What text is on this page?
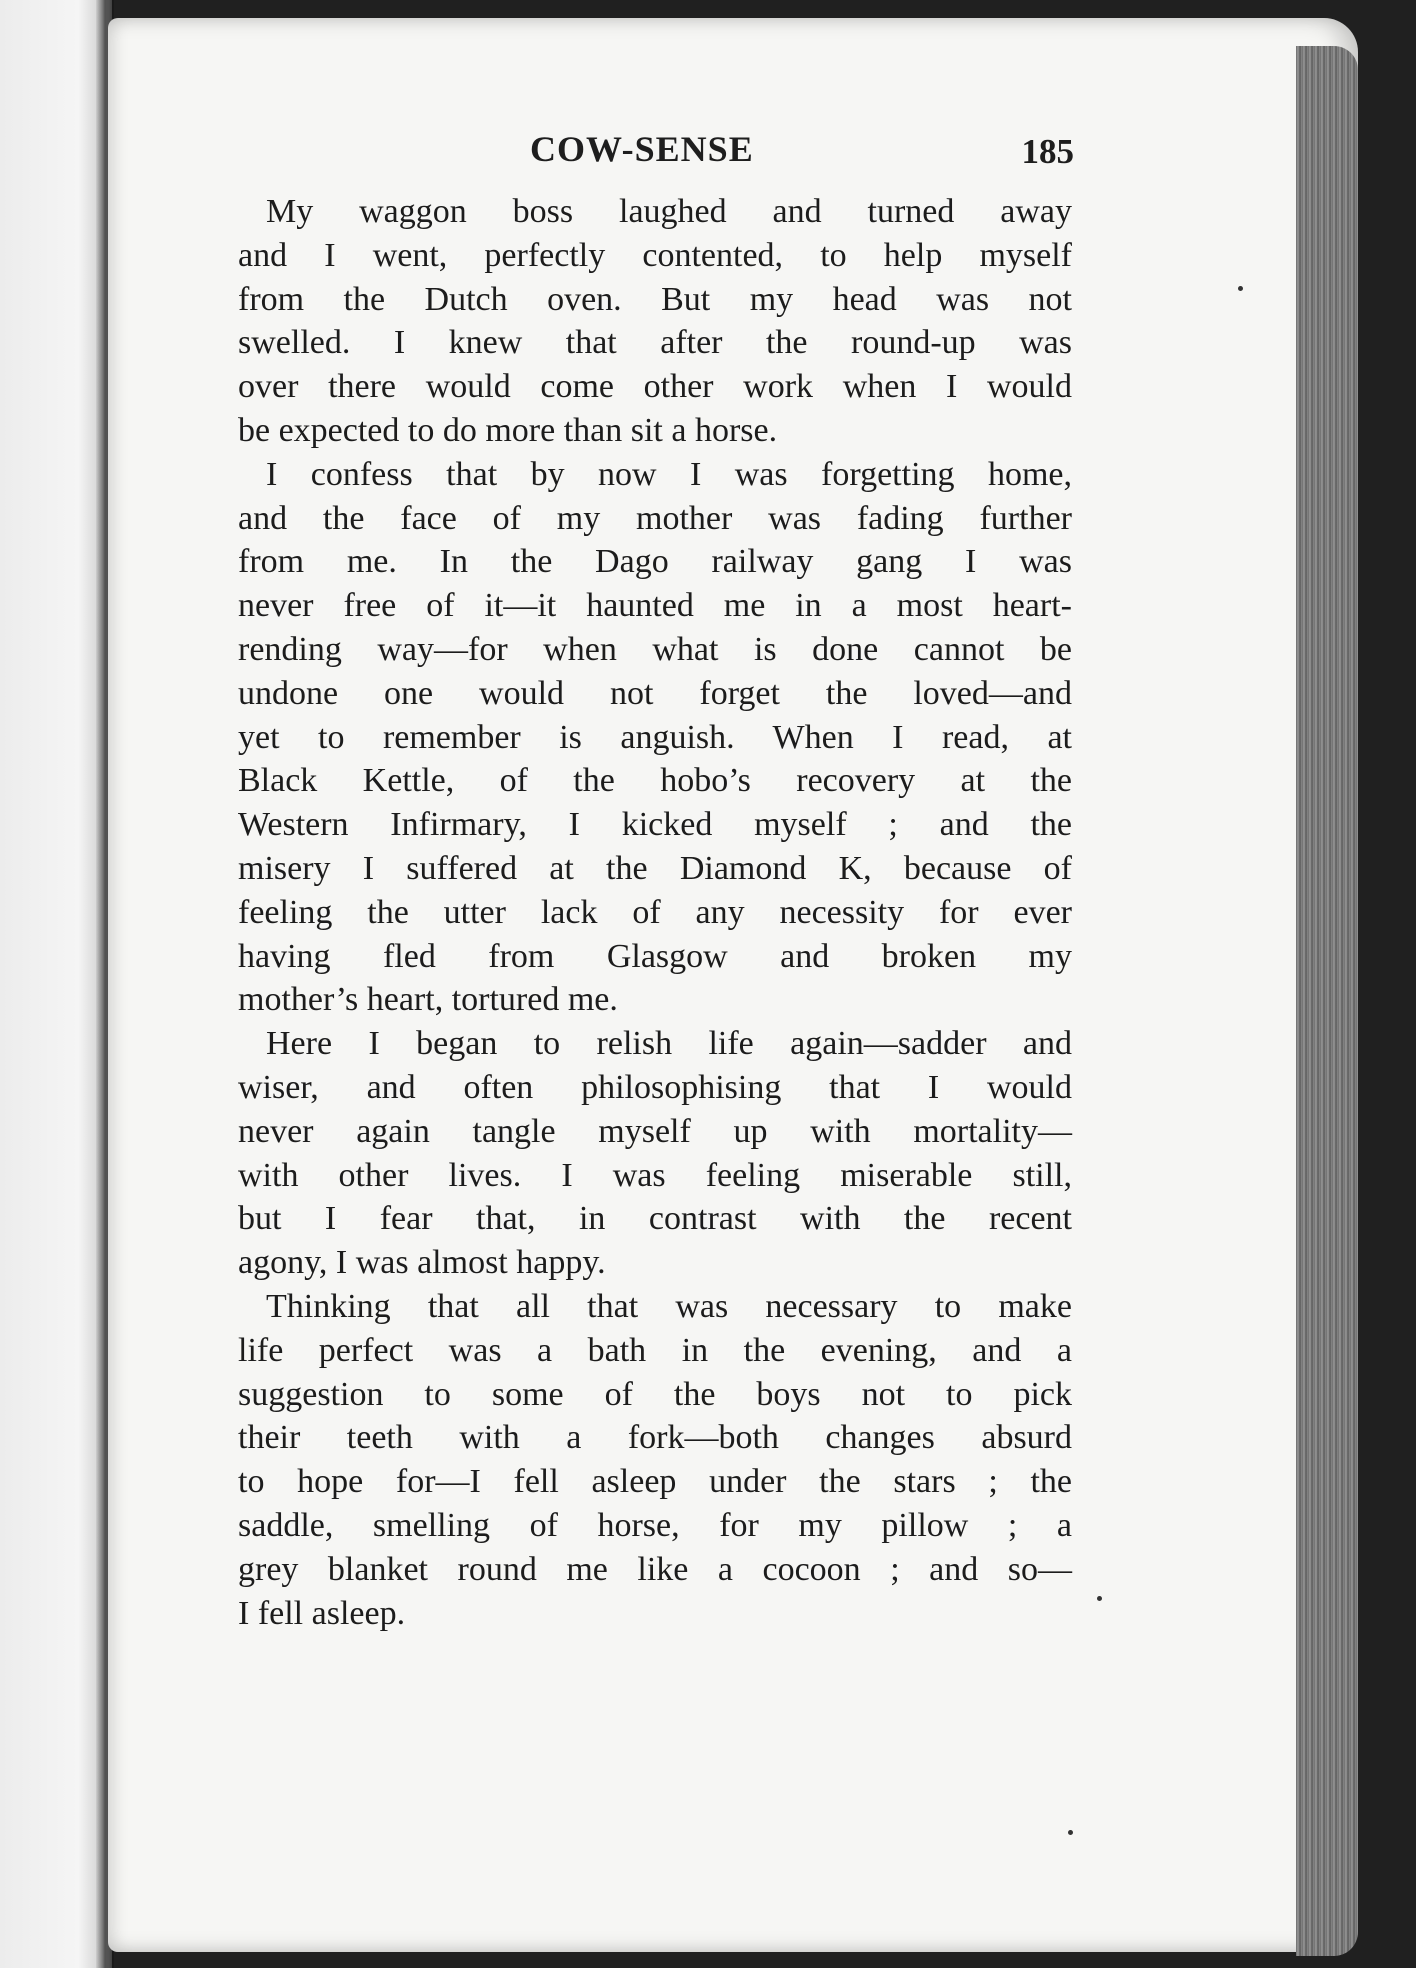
COW-SENSE	185
My waggon boss laughed and turned away
and I went, perfectly contented, to help myself
from the Dutch oven. But my head was not
swelled. I knew that after the round-up was
over there would come other work when I would
be expected to do more than sit a horse.
I confess that by now I was forgetting home,
and the face of my mother was fading further
from me. In the Dago railway gang I was
never free of it—it haunted me in a most heart-
rending way—for when what is done cannot be
undone one would not forget the loved—and
yet to remember is anguish. When I read, at
Black Kettle, of the hobo’s recovery at the
Western Infirmary, I kicked myself ; and the
misery I suffered at the Diamond K, because of
feeling the utter lack of any necessity for ever
having fled from Glasgow and broken my
mother’s heart, tortured me.
Here I began to relish life again—sadder and
wiser, and often philosophising that I would
never again tangle myself up with mortality—
with other lives. I was feeling miserable still,
but I fear that, in contrast with the recent
agony, I was almost happy.
Thinking that all that was necessary to make
life perfect was a bath in the evening, and a
suggestion to some of the boys not to pick
their teeth with a fork—both changes absurd
to hope for—I fell asleep under the stars ; the
saddle, smelling of horse, for my pillow ; a
grey blanket round me like a cocoon ; and so—
I fell asleep.
